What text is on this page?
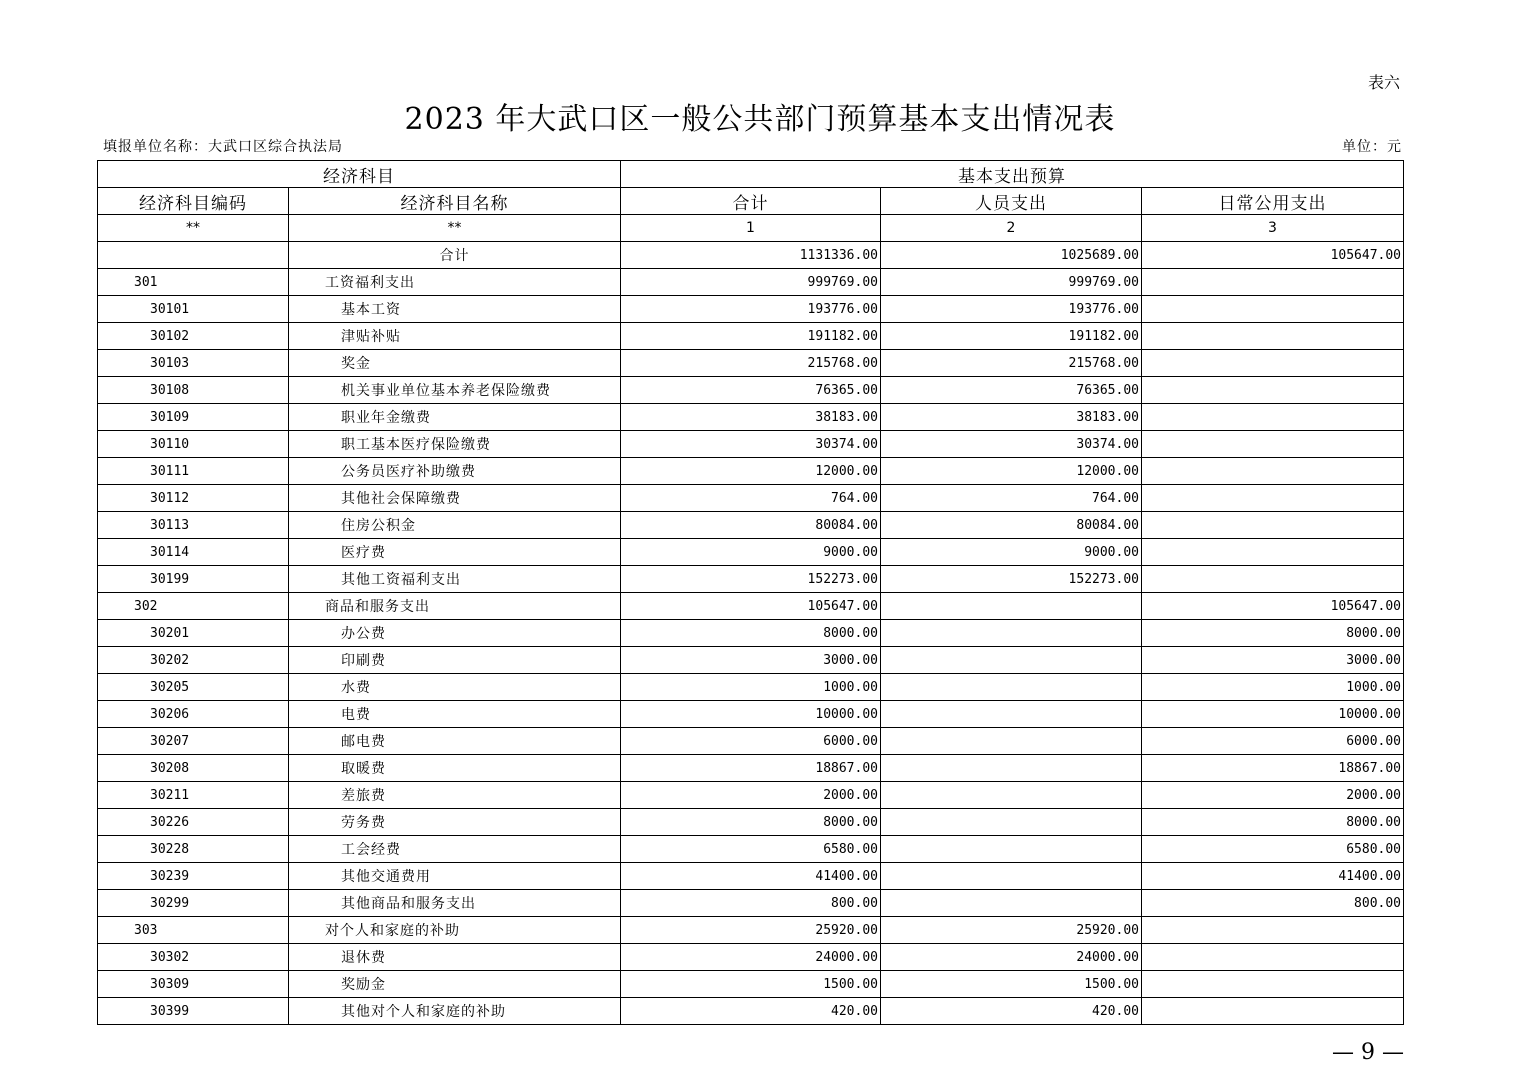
表六
2023 年大武口区一般公共部门预算基本支出情况表
填报单位名称：大武口区综合执法局	单位：元
经济科目		基本支出预算		
经济科目编码	经济科目名称	合计	人员支出	日常公用支出
**	**	1	2	3
	合计	1131336.00	1025689.00	105647.00
301	工资福利支出	999769.00	999769.00	
30101	基本工资	193776.00	193776.00	
30102	津贴补贴	191182.00	191182.00	
30103	奖金	215768.00	215768.00	
30108	机关事业单位基本养老保险缴费	76365.00	76365.00	
30109	职业年金缴费	38183.00	38183.00	
30110	职工基本医疗保险缴费	30374.00	30374.00	
30111	公务员医疗补助缴费	12000.00	12000.00	
30112	其他社会保障缴费	764.00	764.00	
30113	住房公积金	80084.00	80084.00	
30114	医疗费	9000.00	9000.00	
30199	其他工资福利支出	152273.00	152273.00	
302	商品和服务支出	105647.00		105647.00
30201	办公费	8000.00		8000.00
30202	印刷费	3000.00		3000.00
30205	水费	1000.00		1000.00
30206	电费	10000.00		10000.00
30207	邮电费	6000.00		6000.00
30208	取暖费	18867.00		18867.00
30211	差旅费	2000.00		2000.00
30226	劳务费	8000.00		8000.00
30228	工会经费	6580.00		6580.00
30239	其他交通费用	41400.00		41400.00
30299	其他商品和服务支出	800.00		800.00
303	对个人和家庭的补助	25920.00	25920.00	
30302	退休费	24000.00	24000.00	
30309	奖励金	1500.00	1500.00	
30399	其他对个人和家庭的补助	420.00	420.00	
— 9 —
